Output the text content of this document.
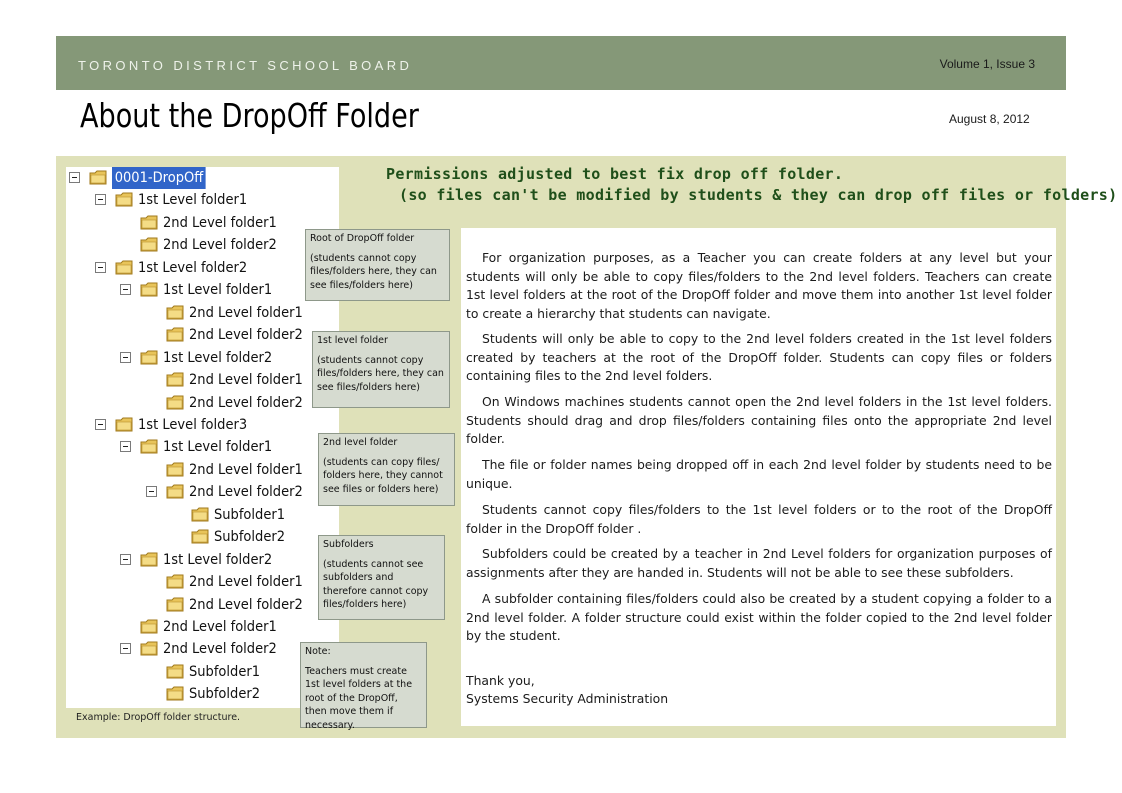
TORONTO DISTRICT SCHOOL BOARD	Volume 1, Issue 3
About the DropOff Folder	August 8, 2012
0001-DropOff
1st Level folder1
2nd Level folder1
2nd Level folder2
1st Level folder2
1st Level folder1
2nd Level folder1
2nd Level folder2
1st Level folder2
2nd Level folder1
2nd Level folder2
1st Level folder3
1st Level folder1
2nd Level folder1
2nd Level folder2
Subfolder1
Subfolder2
1st Level folder2
2nd Level folder1
2nd Level folder2
2nd Level folder1
2nd Level folder2
Subfolder1
Subfolder2
Example: DropOff folder structure.
Root of DropOff folder
(students cannot copy files/folders here, they can see files/folders here)
1st level folder
(students cannot copy files/folders here, they can see files/folders here)
2nd level folder
(students can copy files/ folders here, they cannot see files or folders here)
Subfolders
(students cannot see subfolders and therefore cannot copy files/folders here)
Note:
Teachers must create 1st level folders at the root of the DropOff, then move them if necessary.
Permissions adjusted to best fix drop off folder.
(so files can't be modified by students & they can drop off files or folders)

For organization purposes, as a Teacher you can create folders at any level but your students will only be able to copy files/folders to the 2nd level folders. Teachers can create 1st level folders at the root of the DropOff folder and move them into another 1st level folder to create a hierarchy that students can navigate.

Students will only be able to copy to the 2nd level folders created in the 1st level folders created by teachers at the root of the DropOff folder. Students can copy files or folders containing files to the 2nd level folders.

On Windows machines students cannot open the 2nd level folders in the 1st level folders. Students should drag and drop files/folders containing files onto the appropriate 2nd level folder.

The file or folder names being dropped off in each 2nd level folder by students need to be unique.

Students cannot copy files/folders to the 1st level folders or to the root of the DropOff folder in the DropOff folder .

Subfolders could be created by a teacher in 2nd Level folders for organization purposes of assignments after they are handed in. Students will not be able to see these subfolders.

A subfolder containing files/folders could also be created by a student copying a folder to a 2nd level folder. A folder structure could exist within the folder copied to the 2nd level folder by the student.

Thank you,
Systems Security Administration
